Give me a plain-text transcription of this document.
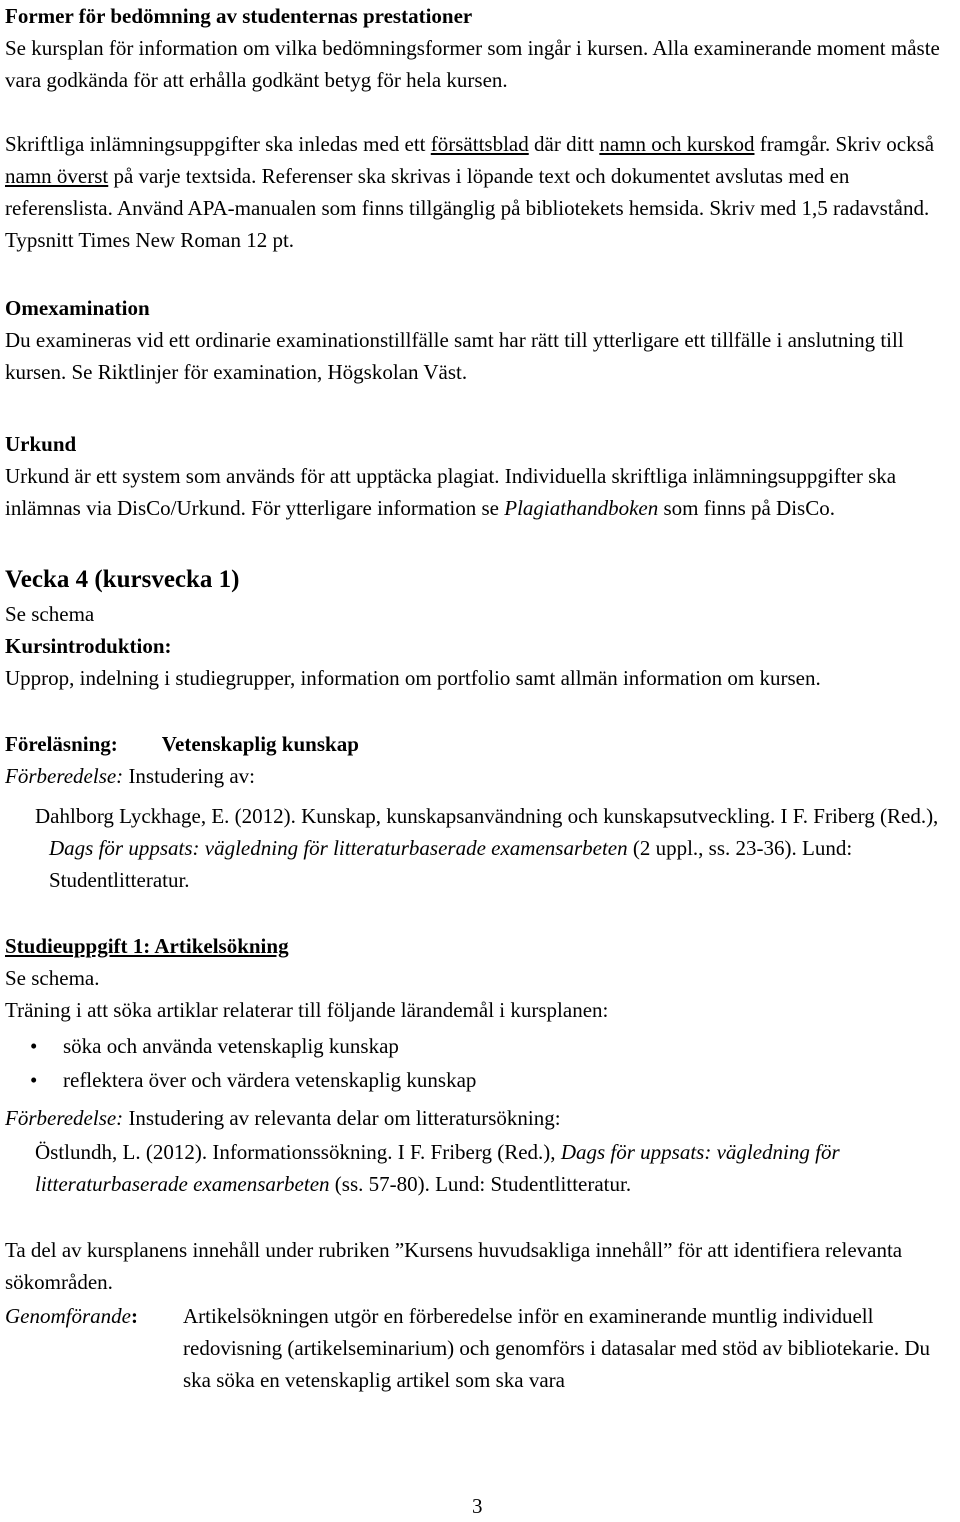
Former för bedömning av studenternas prestationer

Se kursplan för information om vilka bedömningsformer som ingår i kursen. Alla examinerande moment måste vara godkända för att erhålla godkänt betyg för hela kursen.

Skriftliga inlämningsuppgifter ska inledas med ett försättsblad där ditt namn och kurskod framgår. Skriv också namn överst på varje textsida. Referenser ska skrivas i löpande text och dokumentet avslutas med en referenslista. Använd APA-manualen som finns tillgänglig på bibliotekets hemsida. Skriv med 1,5 radavstånd. Typsnitt Times New Roman 12 pt.

Omexamination

Du examineras vid ett ordinarie examinationstillfälle samt har rätt till ytterligare ett tillfälle i anslutning till kursen. Se Riktlinjer för examination, Högskolan Väst.

Urkund

Urkund är ett system som används för att upptäcka plagiat. Individuella skriftliga inlämningsuppgifter ska inlämnas via DisCo/Urkund. För ytterligare information se Plagiathandboken som finns på DisCo.

Vecka 4 (kursvecka 1)

Se schema

Kursintroduktion:

Upprop, indelning i studiegrupper, information om portfolio samt allmän information om kursen.

Föreläsning: Vetenskaplig kunskap

Förberedelse: Instudering av:

Dahlborg Lyckhage, E. (2012). Kunskap, kunskapsanvändning och kunskapsutveckling. I F. Friberg (Red.), Dags för uppsats: vägledning för litteraturbaserade examensarbeten (2 uppl., ss. 23-36). Lund: Studentlitteratur.

Studieuppgift 1: Artikelsökning

Se schema.

Träning i att söka artiklar relaterar till följande lärandemål i kursplanen:

• söka och använda vetenskaplig kunskap
• reflektera över och värdera vetenskaplig kunskap

Förberedelse: Instudering av relevanta delar om litteratursökning:

Östlundh, L. (2012). Informationssökning. I F. Friberg (Red.), Dags för uppsats: vägledning för litteraturbaserade examensarbeten (ss. 57-80). Lund: Studentlitteratur.

Ta del av kursplanens innehåll under rubriken ”Kursens huvudsakliga innehåll” för att identifiera relevanta sökområden.

Genomförande:	Artikelsökningen utgör en förberedelse inför en examinerande muntlig individuell redovisning (artikelseminarium) och genomförs i datasalar med stöd av bibliotekarie. Du ska söka en vetenskaplig artikel som ska vara
3
